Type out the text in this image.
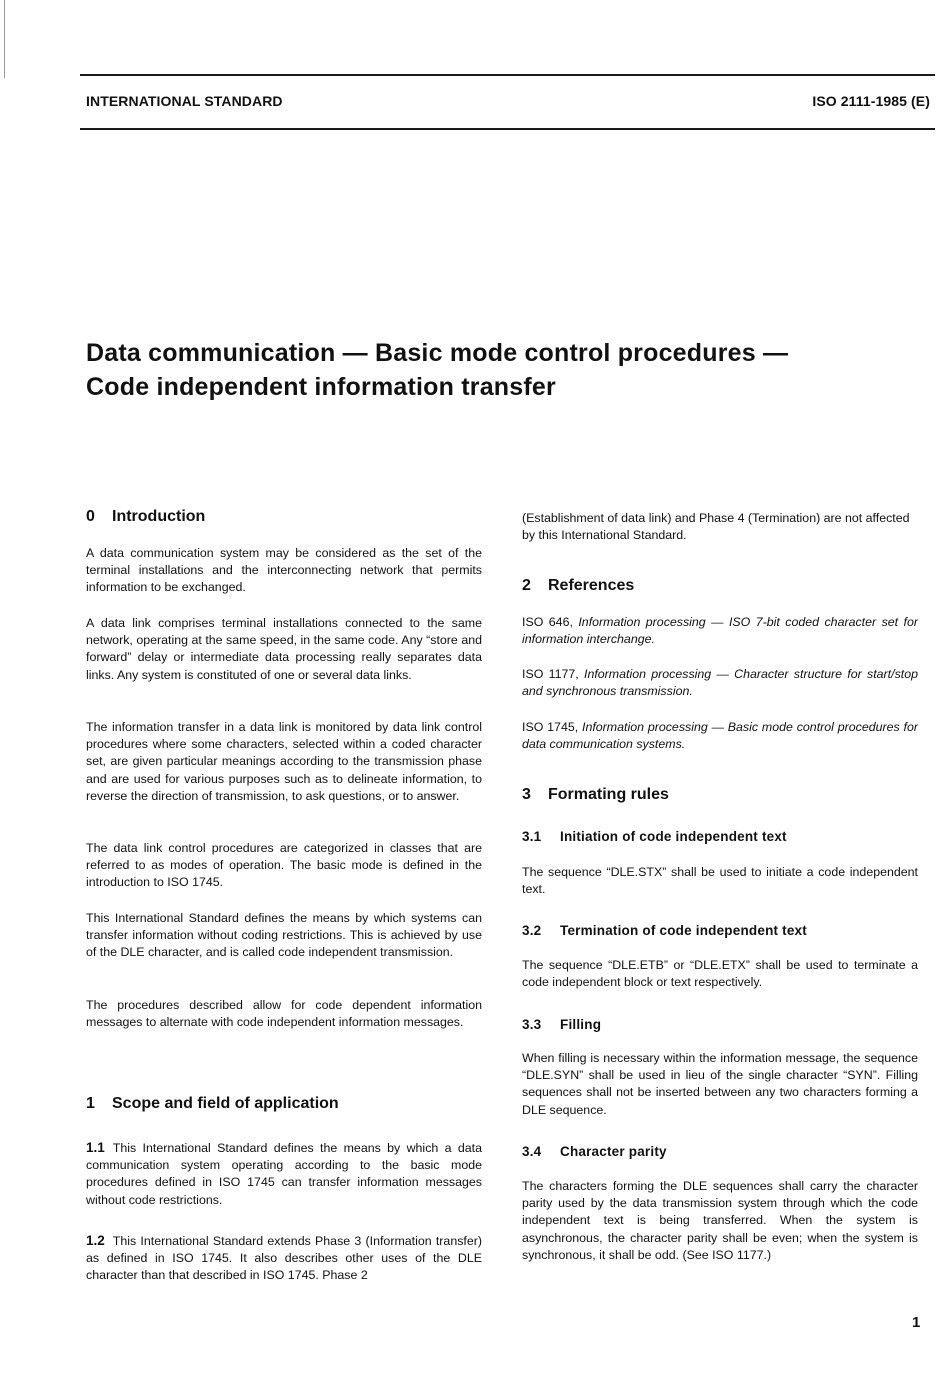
INTERNATIONAL STANDARD	ISO 2111-1985 (E)
Data communication — Basic mode control procedures —
Code independent information transfer
0 Introduction

A data communication system may be considered as the set of the terminal installations and the interconnecting network that permits information to be exchanged.

A data link comprises terminal installations connected to the same network, operating at the same speed, in the same code. Any “store and forward” delay or intermediate data processing really separates data links. Any system is constituted of one or several data links.

The information transfer in a data link is monitored by data link control procedures where some characters, selected within a coded character set, are given particular meanings according to the transmission phase and are used for various purposes such as to delineate information, to reverse the direction of transmission, to ask questions, or to answer.

The data link control procedures are categorized in classes that are referred to as modes of operation. The basic mode is defined in the introduction to ISO 1745.

This International Standard defines the means by which systems can transfer information without coding restrictions. This is achieved by use of the DLE character, and is called code independent transmission.

The procedures described allow for code dependent information messages to alternate with code independent information messages.

1 Scope and field of application

1.1 This International Standard defines the means by which a data communication system operating according to the basic mode procedures defined in ISO 1745 can transfer information messages without code restrictions.

1.2 This International Standard extends Phase 3 (Information transfer) as defined in ISO 1745. It also describes other uses of the DLE character than that described in ISO 1745. Phase 2

(Establishment of data link) and Phase 4 (Termination) are not affected by this International Standard.

2 References

ISO 646, Information processing — ISO 7-bit coded character set for information interchange.

ISO 1177, Information processing — Character structure for start/stop and synchronous transmission.

ISO 1745, Information processing — Basic mode control procedures for data communication systems.

3 Formating rules
3.1 Initiation of code independent text

The sequence “DLE.STX” shall be used to initiate a code independent text.

3.2 Termination of code independent text

The sequence “DLE.ETB” or “DLE.ETX” shall be used to terminate a code independent block or text respectively.

3.3 Filling

When filling is necessary within the information message, the sequence “DLE.SYN” shall be used in lieu of the single character “SYN”. Filling sequences shall not be inserted between any two characters forming a DLE sequence.

3.4 Character parity

The characters forming the DLE sequences shall carry the character parity used by the data transmission system through which the code independent text is being transferred. When the system is asynchronous, the character parity shall be even; when the system is synchronous, it shall be odd. (See ISO 1177.)

1
